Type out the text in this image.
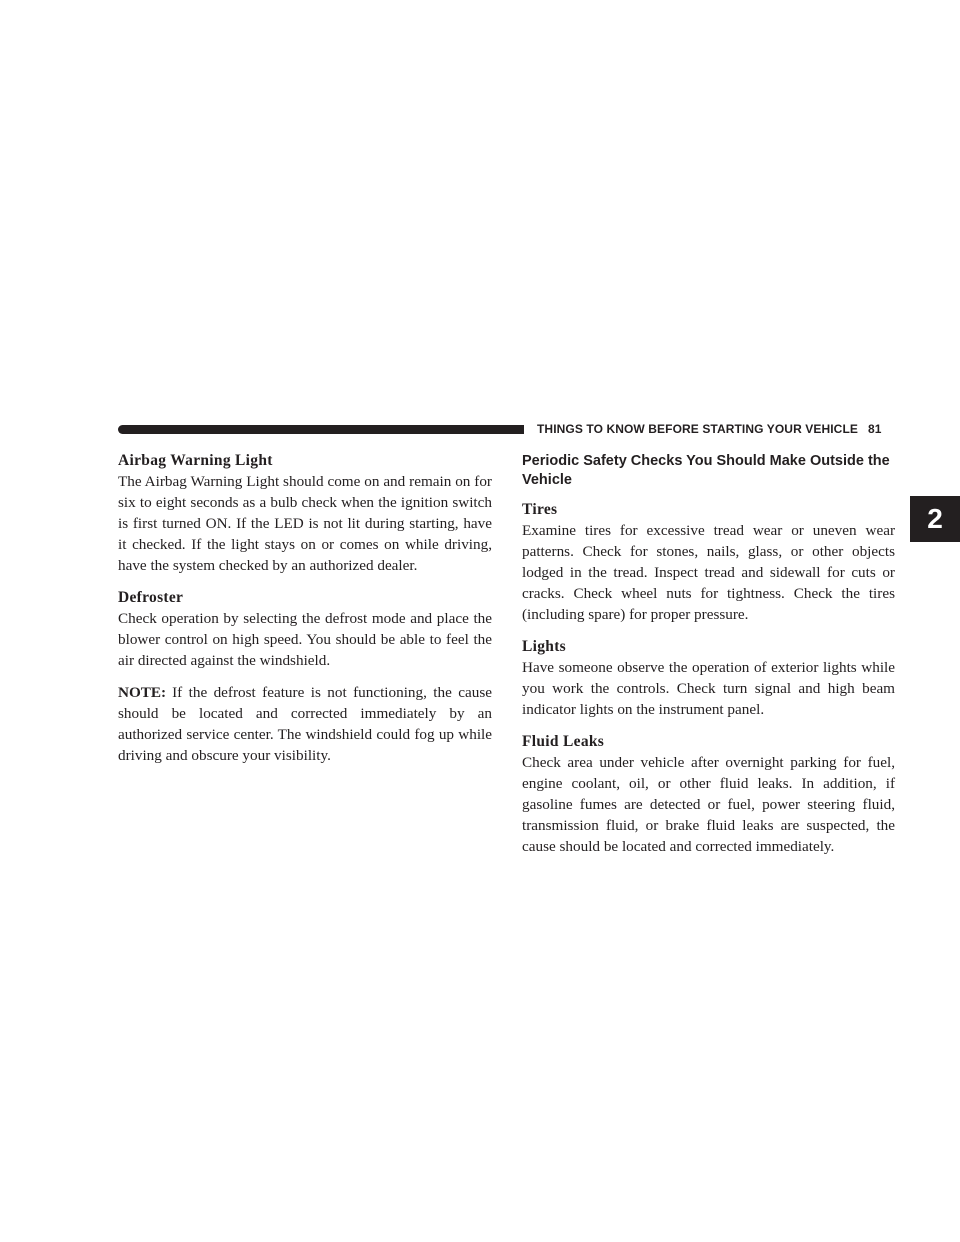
THINGS TO KNOW BEFORE STARTING YOUR VEHICLE 81
2
Airbag Warning Light

The Airbag Warning Light should come on and remain on for six to eight seconds as a bulb check when the ignition switch is first turned ON. If the LED is not lit during starting, have it checked. If the light stays on or comes on while driving, have the system checked by an authorized dealer.

Defroster

Check operation by selecting the defrost mode and place the blower control on high speed. You should be able to feel the air directed against the windshield.

NOTE: If the defrost feature is not functioning, the cause should be located and corrected immediately by an authorized service center. The windshield could fog up while driving and obscure your visibility.

Periodic Safety Checks You Should Make Outside the Vehicle
Tires

Examine tires for excessive tread wear or uneven wear patterns. Check for stones, nails, glass, or other objects lodged in the tread. Inspect tread and sidewall for cuts or cracks. Check wheel nuts for tightness. Check the tires (including spare) for proper pressure.

Lights

Have someone observe the operation of exterior lights while you work the controls. Check turn signal and high beam indicator lights on the instrument panel.

Fluid Leaks

Check area under vehicle after overnight parking for fuel, engine coolant, oil, or other fluid leaks. In addition, if gasoline fumes are detected or fuel, power steering fluid, transmission fluid, or brake fluid leaks are suspected, the cause should be located and corrected immediately.
